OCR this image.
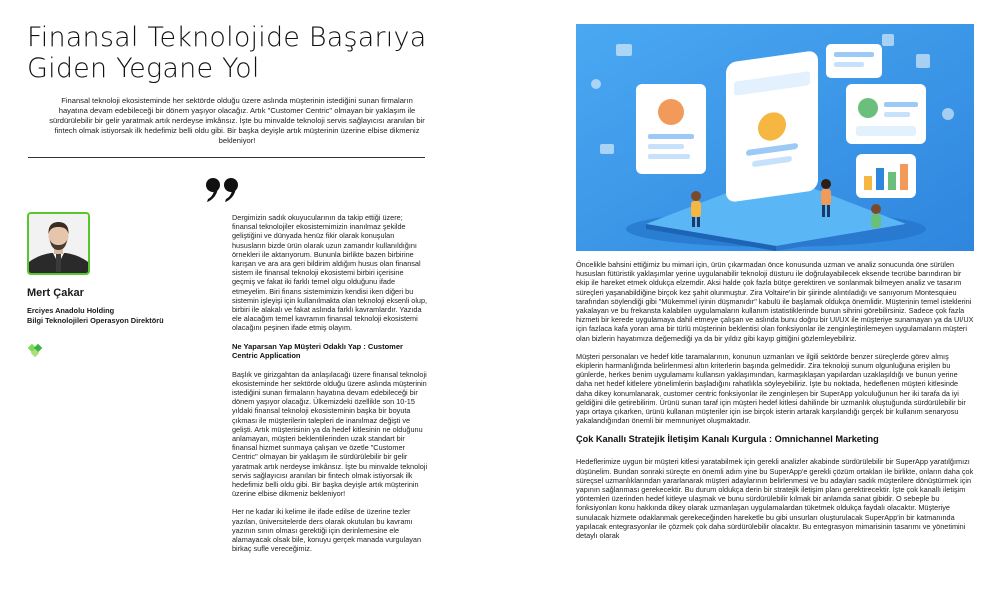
Finansal Teknolojide Başarıya
Giden Yegane Yol

Finansal teknoloji ekosisteminde her sektörde olduğu üzere aslında müşterinin istediğini sunan firmaların hayatına devam edebileceği bir dönem yaşıyor olacağız. Artık "Customer Centric" olmayan bir yaklaşım ile sürdürülebilir bir gelir yaratmak artık nerdeyse imkânsız. İşte bu minvalde teknoloji servis sağlayıcısı aranılan bir fintech olmak istiyorsak ilk hedefimiz belli oldu gibi. Bir başka deyişle artık müşterinin üzerine elbise dikmeniz bekleniyor!

Mert Çakar

Erciyes Anadolu Holding
Bilgi Teknolojileri Operasyon Direktörü

Dergimizin sadık okuyucularının da takip ettiği üzere; finansal teknolojiler ekosistemimizin inanılmaz şekilde geliştiğini ve dünyada henüz fikir olarak konuşulan hususların bizde ürün olarak uzun zamandır kullanıldığını örnekleri ile aktarıyorum. Bununla birlikte bazen birbirine karışan ve ara ara geri bildirim aldığım husus olan finansal sistem ile finansal teknoloji ekosistemi birbiri içerisine geçmiş ve fakat iki farklı temel olgu olduğunu ifade etmeyelim. Biri finans sistemimizin kendisi iken diğeri bu sistemin işleyişi için kullanılmakta olan teknoloji eksenli olup, birbiri ile alakalı ve fakat aslında farklı kavramlardır. Yazıda ele alacağım temel kavramın finansal teknoloji ekosistemi olacağını peşinen ifade etmiş olayım.

Ne Yaparsan Yap Müşteri Odaklı Yap : Customer Centric Application

Başlık ve girizgahtan da anlaşılacağı üzere finansal teknoloji ekosisteminde her sektörde olduğu üzere aslında müşterinin istediğini sunan firmaların hayatına devam edebileceği bir dönem yaşıyor olacağız. Ülkemizdeki özellikle son 10-15 yıldaki finansal teknoloji ekosisteminin başka bir boyuta çıkması ile müşterilerin talepleri de inanılmaz değişti ve gelişti. Artık müşterisinin ya da hedef kitlesinin ne olduğunu anlamayan, müşteri beklentilerinden uzak standart bir finansal hizmet sunmaya çalışan ve özetle "Customer Centric" olmayan bir yaklaşım ile sürdürülebilir bir gelir yaratmak artık nerdeyse imkânsız. İşte bu minvalde teknoloji servis sağlayıcısı aranılan bir fintech olmak istiyorsak ilk hedefimiz belli oldu gibi. Bir başka deyişle artık müşterinin üzerine elbise dikmeniz bekleniyor!

Her ne kadar iki kelime ile ifade edilse de üzerine tezler yazılan, üniversitelerde ders olarak okutulan bu kavramı yazının sınırı olması gerektiği için derinlemesine ele alamayacak olsak bile, konuyu gerçek manada vurgulayan birkaç sufle vereceğimiz.

Öncelikle bahsini ettiğimiz bu mimari için, ürün çıkarmadan önce konusunda uzman ve analiz sonucunda öne sürülen hususları fütüristik yaklaşımlar yerine uygulanabilir teknoloji düsturu ile doğrulayabilecek eksende tecrübe barındıran bir ekip ile hareket etmek oldukça elzemdir. Aksi halde çok fazla bütçe gerektiren ve sonlanmak bilmeyen analiz ve tasarım süreçleri yaşanabildiğine birçok kez şahit olunmuştur. Zira Voltaire'in bir şiirinde alıntıladığı ve sanıyorum Montesquieu tarafından söylendiği gibi "Mükemmel iyinin düşmanıdır" kabulü ile başlamak oldukça önemlidir. Müşterinin temel isteklerini yakalayan ve bu frekansta kalabilen uygulamaların kullanım istatistiklerinde bunun sihrini görebilirsiniz. Sadece çok fazla hizmeti bir kerede uygulamaya dahil etmeye çalışan ve aslında bunu doğru bir UI/UX ile müşteriye sunamayan ya da UI/UX için fazlaca kafa yoran ama bir türlü müşterinin beklentisi olan fonksiyonlar ile zenginleştirilemeyen uygulamaların müşteri olan bizlerin hayatımıza değemediği ya da bir yıldız gibi kayıp gittiğini gözlemleyebiliriz.

Müşteri personaları ve hedef kitle taramalarının, konunun uzmanları ve ilgili sektörde benzer süreçlerde görev almış ekiplerin harmanlığında belirlenmesi altın kriterlerin başında gelmedidir. Zira teknoloji sunum olgunluğuna erişilen bu günlerde, herkes benim uygulamamı kullansın yaklaşımından, karmaşıklaşan yapılardan uzaklaşıldığı ve bunun yerine daha net hedef kitlelere yönelimlerin başladığını rahatlıkla söyleyebiliriz. İşte bu noktada, hedeflenen müşteri kitlesinde daha dikey konumlanarak, customer centric fonksiyonlar ile zenginleşen bir SuperApp yolculuğunun her iki tarafa da iyi geldiğini dile getirebilirim. Ürünü sunan taraf için müşteri hedef kitlesi dahilinde bir uzmanlık oluştuğunda sürdürülebilir bir yapı ortaya çıkarken, ürünü kullanan müşteriler için ise birçok isterin artarak karşılandığı gerçek bir kullanım senaryosu yakalandığından önemli bir memnuniyet oluşmaktadır.

Çok Kanallı Stratejik İletişim Kanalı Kurgula : Omnichannel Marketing

Hedeflerimize uygun bir müşteri kitlesi yaratabilmek için gerekli analizler akabinde sürdürülebilir bir SuperApp yaratılğımızı düşünelim. Bundan sonraki süreçte en önemli adım yine bu SuperApp'e gerekli çözüm ortakları ile birlikte, onların daha çok süreçsel uzmanlıklarından yararlanarak müşteri adaylarının belirlenmesi ve bu adayları sadık müşterilere dönüştürmek için yapının sağlanması gerekecektir. Bu durum oldukça derin bir stratejik iletişim planı gerektirecektir. İşte çok kanallı iletişim yöntemleri üzerinden hedef kitleye ulaşmak ve bunu sürdürülebilir kılmak bir anlamda sanat gibidir. O sebeple bu fonksiyonları konu hakkında dikey olarak uzmanlaşan uygulamalardan tüketmek oldukça faydalı olacaktır. Müşteriye sunulacak hizmete odaklanmak gerekeceğinden hareketle bu gibi unsurları oluşturulacak SuperApp'in bir katmanında yapılacak entegrasyonlar ile çözmek çok daha sürdürülebilir olacaktır. Bu entegrasyon mimarisinin tasarımı ve yönetimini detaylı olarak
